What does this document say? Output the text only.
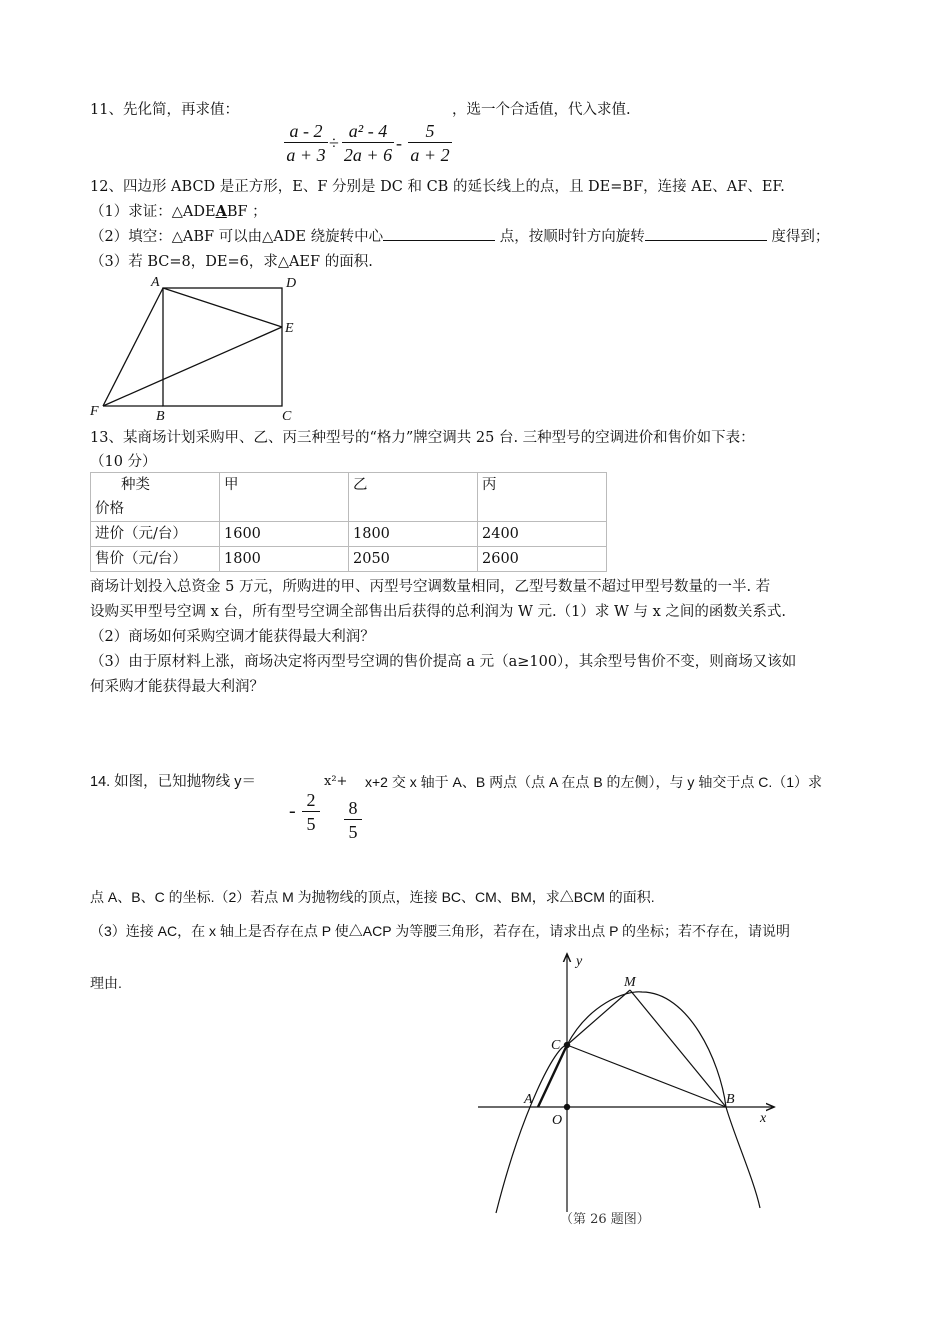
11、先化简，再求值：	，选一个合适值，代入求值.
a - 2
a + 3
÷
a² - 4
2a + 6
-
5
a + 2
12、四边形 ABCD 是正方形，E、F 分别是 DC 和 CB 的延长线上的点，且 DE=BF，连接 AE、AF、EF.
（1）求证：△ADEABF ；
（2）填空：△ABF 可以由△ADE 绕旋转中心	点，按顺时针方向旋转	度得到；
（3）若 BC=8，DE=6，求△AEF 的面积.
A	D
E
F	B	C
13、某商场计划采购甲、乙、丙三种型号的“格力”牌空调共 25 台. 三种型号的空调进价和售价如下表：
（10 分）
种类
价格	甲	乙	丙
进价（元/台）	1600	1800	2400
售价（元/台）	1800	2050	2600
商场计划投入总资金 5 万元，所购进的甲、丙型号空调数量相同，乙型号数量不超过甲型号数量的一半. 若
设购买甲型号空调 x 台，所有型号空调全部售出后获得的总利润为 W 元.（1）求 W 与 x 之间的函数关系式.
（2）商场如何采购空调才能获得最大利润？
（3）由于原材料上涨，商场决定将丙型号空调的售价提高 a 元（a≥100），其余型号售价不变，则商场又该如
何采购才能获得最大利润？
14. 如图，已知抛物线 y＝	x²+ x+2 交 x 轴于 A、B 两点（点 A 在点 B 的左侧），与 y 轴交于点 C.（1）求
- 2
5
8
5
点 A、B、C 的坐标.（2）若点 M 为抛物线的顶点，连接 BC、CM、BM，求△BCM 的面积.
（3）连接 AC，在 x 轴上是否存在点 P 使△ACP 为等腰三角形，若存在，请求出点 P 的坐标；若不存在，请说明
理由.
y
x
M
C
A	B
O
（第 26 题图）
